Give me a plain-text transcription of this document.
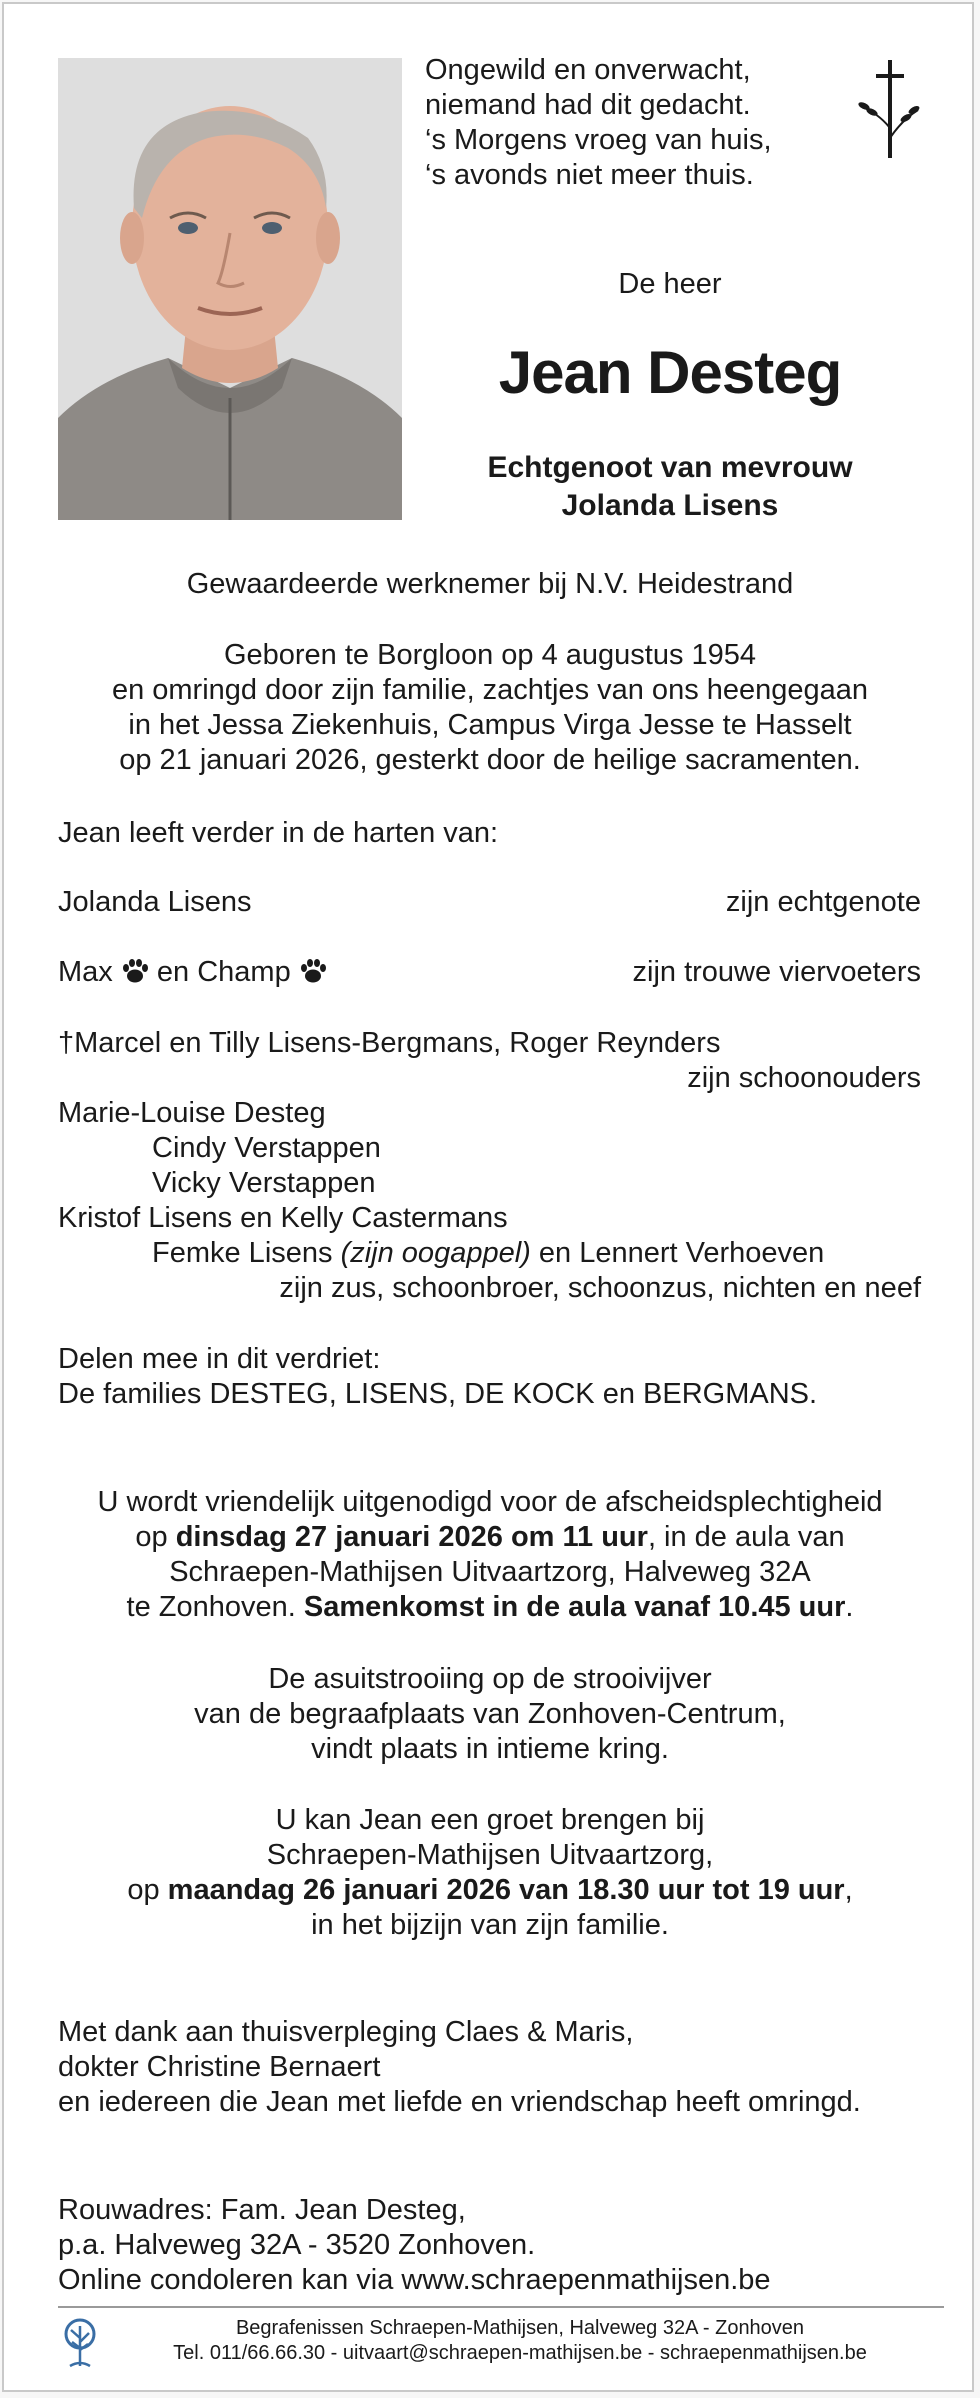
Ongewild en onverwacht,
niemand had dit gedacht.
‘s Morgens vroeg van huis,
‘s avonds niet meer thuis.
De heer
Jean Desteg
Echtgenoot van mevrouw
Jolanda Lisens
Gewaardeerde werknemer bij N.V. Heidestrand
Geboren te Borgloon op 4 augustus 1954
en omringd door zijn familie, zachtjes van ons heengegaan
in het Jessa Ziekenhuis, Campus Virga Jesse te Hasselt
op 21 januari 2026, gesterkt door de heilige sacramenten.
Jean leeft verder in de harten van:
Jolanda Lisens	zijn echtgenote
Max en Champ	zijn trouwe viervoeters
†Marcel en Tilly Lisens-Bergmans, Roger Reynders
zijn schoonouders
Marie-Louise Desteg
Cindy Verstappen
Vicky Verstappen
Kristof Lisens en Kelly Castermans
Femke Lisens (zijn oogappel) en Lennert Verhoeven
zijn zus, schoonbroer, schoonzus, nichten en neef
Delen mee in dit verdriet:
De families DESTEG, LISENS, DE KOCK en BERGMANS.
U wordt vriendelijk uitgenodigd voor de afscheidsplechtigheid
op dinsdag 27 januari 2026 om 11 uur, in de aula van
Schraepen-Mathijsen Uitvaartzorg, Halveweg 32A
te Zonhoven. Samenkomst in de aula vanaf 10.45 uur.
De asuitstrooiing op de strooivijver
van de begraafplaats van Zonhoven-Centrum,
vindt plaats in intieme kring.
U kan Jean een groet brengen bij
Schraepen-Mathijsen Uitvaartzorg,
op maandag 26 januari 2026 van 18.30 uur tot 19 uur,
in het bijzijn van zijn familie.
Met dank aan thuisverpleging Claes & Maris,
dokter Christine Bernaert
en iedereen die Jean met liefde en vriendschap heeft omringd.
Rouwadres: Fam. Jean Desteg,
p.a. Halveweg 32A - 3520 Zonhoven.
Online condoleren kan via www.schraepenmathijsen.be
Begrafenissen Schraepen-Mathijsen, Halveweg 32A - Zonhoven
Tel. 011/66.66.30 - uitvaart@schraepen-mathijsen.be - schraepenmathijsen.be
